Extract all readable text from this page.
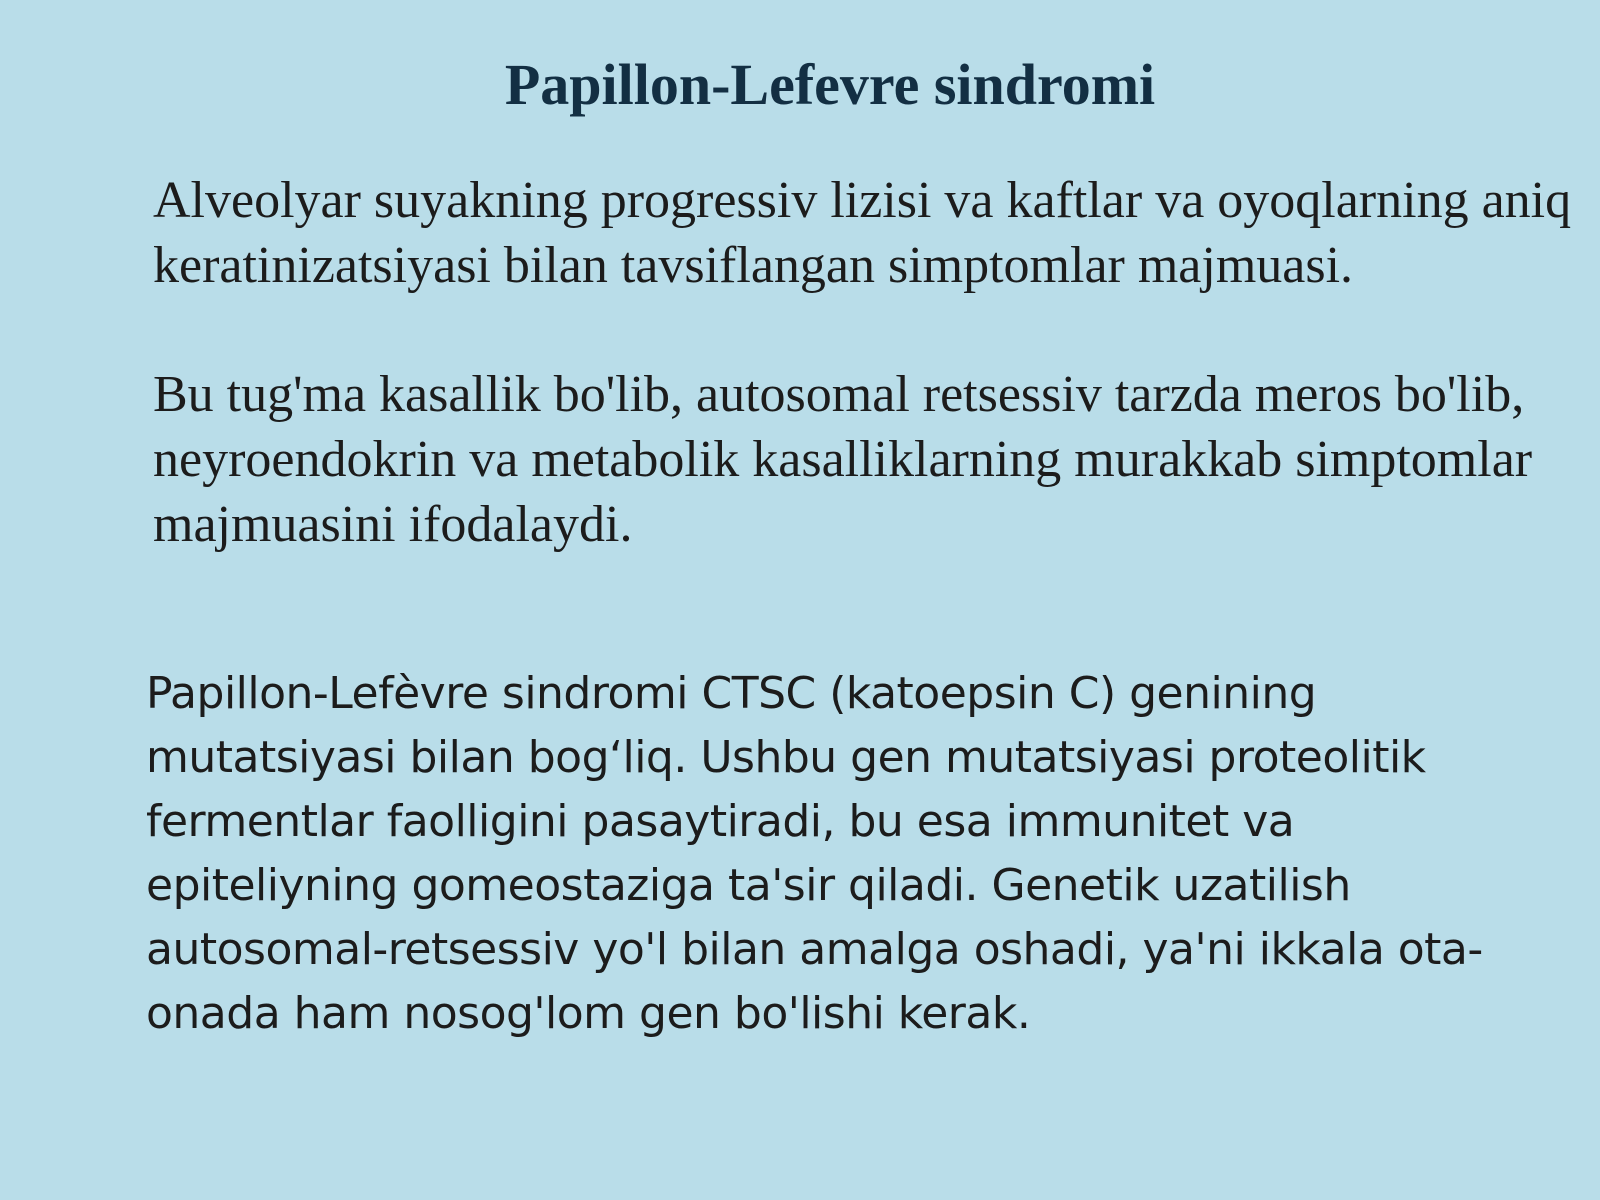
Papillon-Lefevre sindromi

Alveolyar suyakning progressiv lizisi va kaftlar va oyoqlarning aniq keratinizatsiyasi bilan tavsiflangan simptomlar majmuasi.

Bu tug'ma kasallik bo'lib, autosomal retsessiv tarzda meros bo'lib, neyroendokrin va metabolik kasalliklarning murakkab simptomlar majmuasini ifodalaydi.

Papillon-Lefèvre sindromi CTSC (katoepsin C) genining mutatsiyasi bilan bog‘liq. Ushbu gen mutatsiyasi proteolitik fermentlar faolligini pasaytiradi, bu esa immunitet va epiteliyning gomeostaziga ta'sir qiladi. Genetik uzatilish autosomal-retsessiv yo'l bilan amalga oshadi, ya'ni ikkala ota-onada ham nosog'lom gen bo'lishi kerak.
